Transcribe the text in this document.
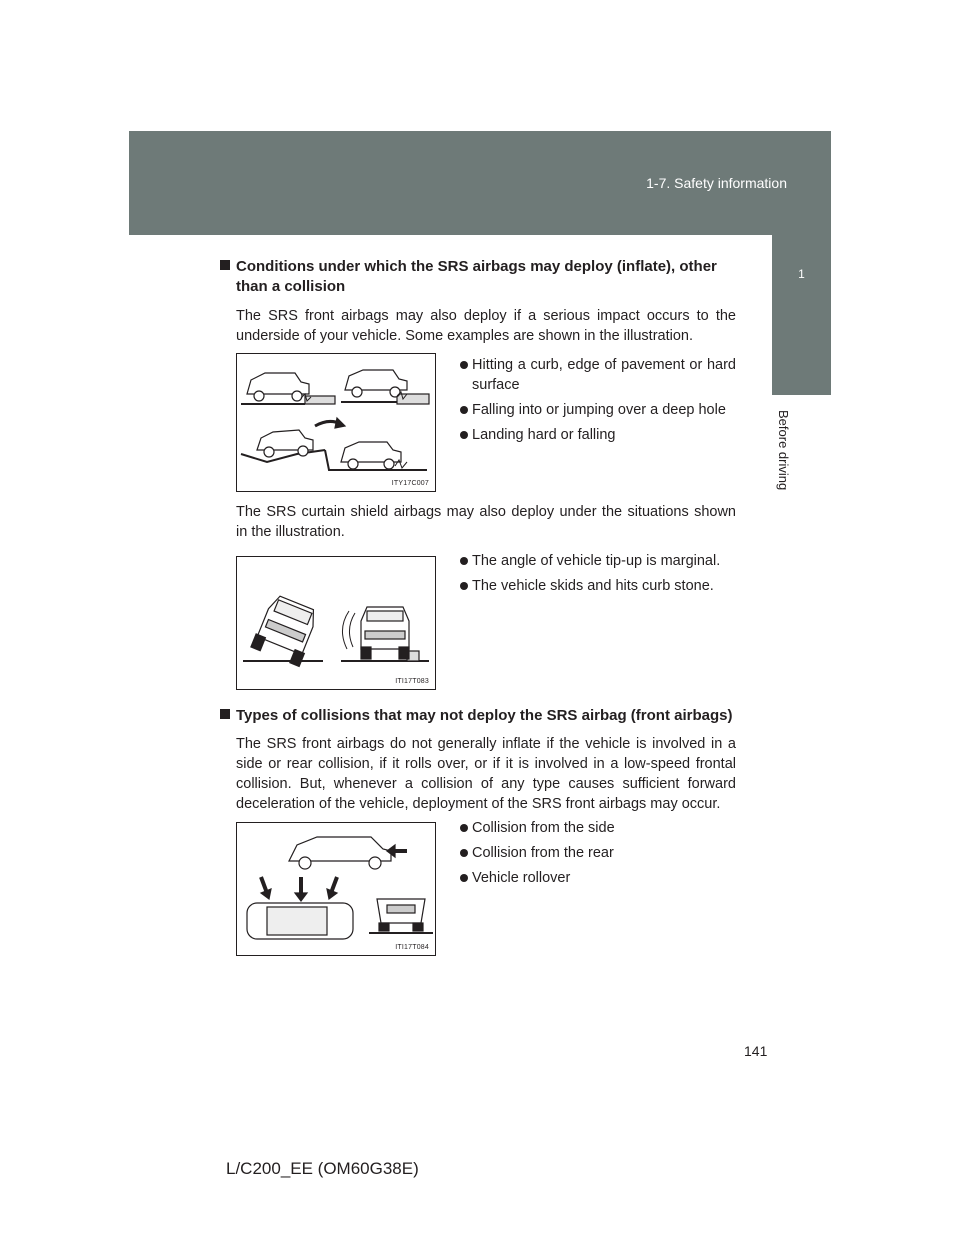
1-7. Safety information
1
Before driving
Conditions under which the SRS airbags may deploy (inflate), other
than a collision
The SRS front airbags may also deploy if a serious impact occurs to the underside of your vehicle. Some examples are shown in the illustration.
ITY17C007
Hitting a curb, edge of pavement or hard surface
Falling into or jumping over a deep hole
Landing hard or falling
The SRS curtain shield airbags may also deploy under the situations shown in the illustration.
ITI17T083
The angle of vehicle tip-up is marginal.
The vehicle skids and hits curb stone.
Types of collisions that may not deploy the SRS airbag (front airbags)
The SRS front airbags do not generally inflate if the vehicle is involved in a side or rear collision, if it rolls over, or if it is involved in a low-speed frontal collision. But, whenever a collision of any type causes sufficient forward deceleration of the vehicle, deployment of the SRS front airbags may occur.
ITI17T084
Collision from the side
Collision from the rear
Vehicle rollover
141
L/C200_EE (OM60G38E)
